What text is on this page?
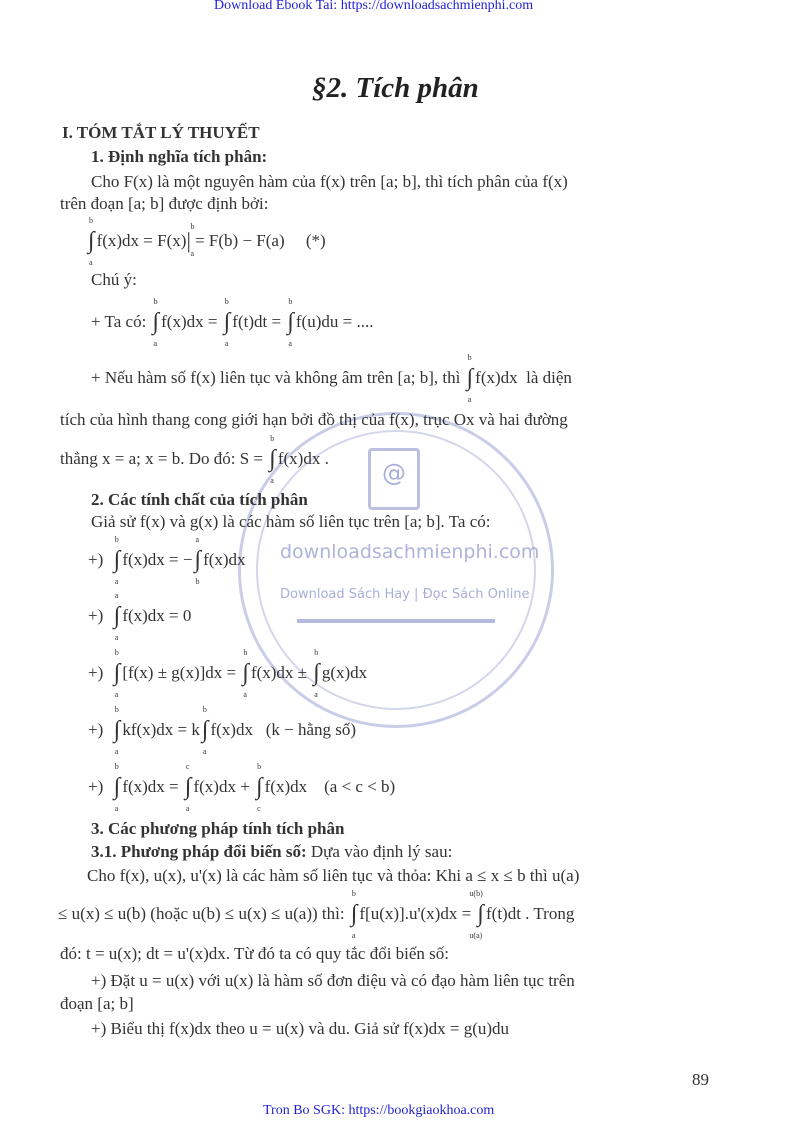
Download Ebook Tai: https://downloadsachmienphi.com
Tron Bo SGK: https://bookgiaokhoa.com
@
downloadsachmienphi.com
Download Sách Hay | Đọc Sách Online
§2. Tích phân
I. TÓM TẮT LÝ THUYẾT
1. Định nghĩa tích phân:
Cho F(x) là một nguyên hàm của f(x) trên [a; b], thì tích phân của f(x)
trên đoạn [a; b] được định bởi:
∫
b
a
f(x)dx = F(x) |
b
a
= F(b) − F(a)     (*)
Chú ý:
+ Ta có:
∫
b
a
f(x)dx =
∫
b
a
f(t)dt =
∫
b
a
f(u)du = ....
+ Nếu hàm số f(x) liên tục và không âm trên [a; b], thì
∫
b
a
f(x)dx  là diện
tích của hình thang cong giới hạn bởi đồ thị của f(x), trục Ox và hai đường
thẳng x = a; x = b. Do đó: S =
∫
b
a
f(x)dx .
2. Các tính chất của tích phân
Giả sử f(x) và g(x) là các hàm số liên tục trên [a; b]. Ta có:
+)
∫
b
a
f(x)dx = − ∫
a
b
f(x)dx
+)
∫
a
a
f(x)dx = 0
+)
∫
b
a
[f(x) ± g(x)]dx =
∫
b
a
f(x)dx ±
∫
b
a
g(x)dx
+)
∫
b
a
kf(x)dx = k ∫
b
a
f(x)dx   (k − hằng số)
+)
∫
b
a
f(x)dx =
∫
c
a
f(x)dx +
∫
b
c
f(x)dx    (a < c < b)
3. Các phương pháp tính tích phân
3.1. Phương pháp đổi biến số: Dựa vào định lý sau:
Cho f(x), u(x), u'(x) là các hàm số liên tục và thỏa: Khi a ≤ x ≤ b thì u(a)
≤ u(x) ≤ u(b) (hoặc u(b) ≤ u(x) ≤ u(a)) thì:
∫
b
a
f[u(x)].u'(x)dx =
∫
u(b)
u(a)
f(t)dt . Trong
đó: t = u(x); dt = u'(x)dx. Từ đó ta có quy tắc đổi biến số:
+) Đặt u = u(x) với u(x) là hàm số đơn điệu và có đạo hàm liên tục trên
đoạn [a; b]
+) Biểu thị f(x)dx theo u = u(x) và du. Giả sử f(x)dx = g(u)du
89
